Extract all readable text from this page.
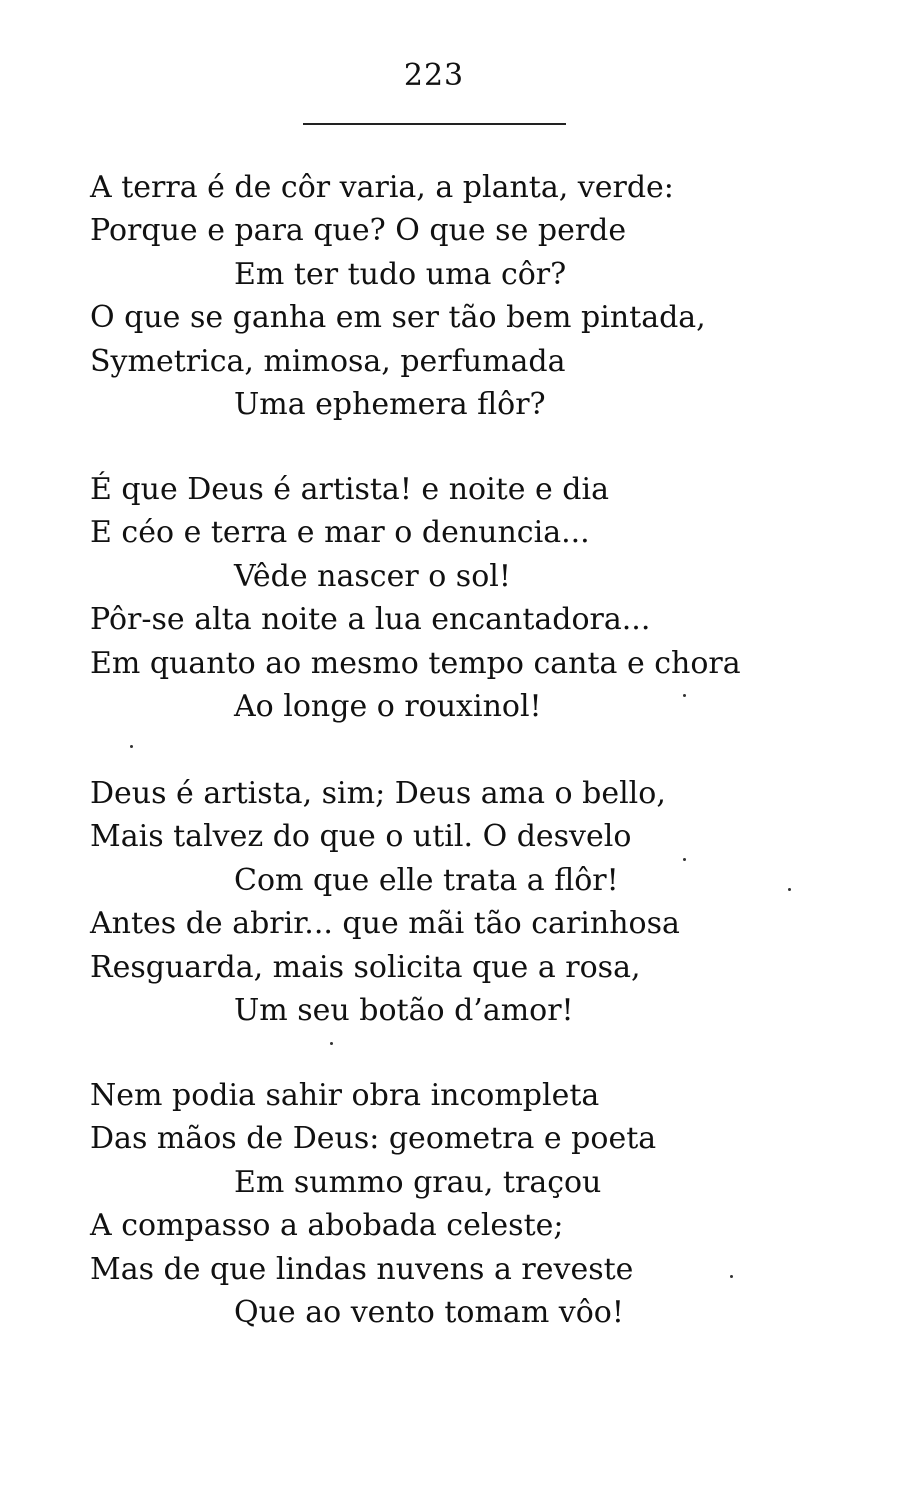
223
A terra é de côr varia, a planta, verde:
Porque e para que? O que se perde
Em ter tudo uma côr?
O que se ganha em ser tão bem pintada,
Symetrica, mimosa, perfumada
Uma ephemera flôr?
É que Deus é artista! e noite e dia
E céo e terra e mar o denuncia...
Vêde nascer o sol!
Pôr-se alta noite a lua encantadora...
Em quanto ao mesmo tempo canta e chora
Ao longe o rouxinol!
Deus é artista, sim; Deus ama o bello,
Mais talvez do que o util. O desvelo
Com que elle trata a flôr!
Antes de abrir... que mãi tão carinhosa
Resguarda, mais solicita que a rosa,
Um seu botão d’amor!
Nem podia sahir obra incompleta
Das mãos de Deus: geometra e poeta
Em summo grau, traçou
A compasso a abobada celeste;
Mas de que lindas nuvens a reveste
Que ao vento tomam vôo!
